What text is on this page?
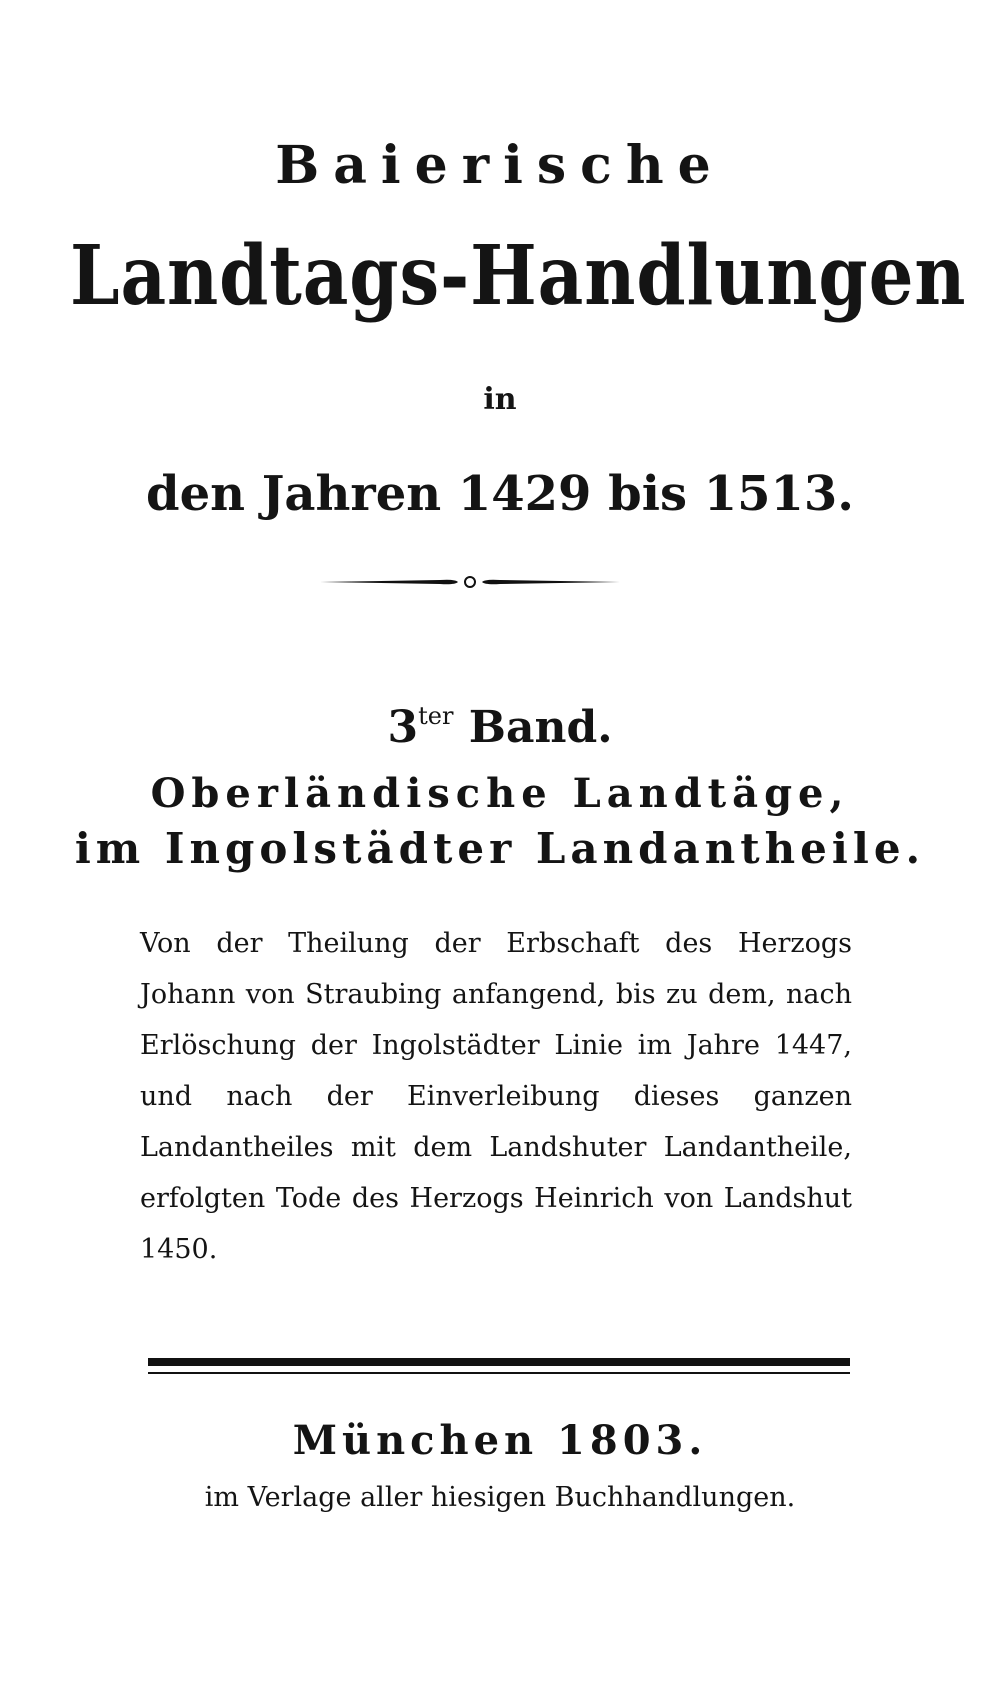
Baierische
Landtags-Handlungen
in
den Jahren 1429 bis 1513.
$3^{ter}$ Band.
Oberländische Landtäge,
im Ingolstädter Landantheile.
Von der Theilung der Erbschaft des Herzogs Johann von Straubing anfangend, bis zu dem, nach Erlöschung der Ingolstädter Linie im Jahre 1447, und nach der Einverleibung dieses ganzen Landantheiles mit dem Landshuter Landantheile, erfolgten Tode des Herzogs Heinrich von Landshut 1450.
München 1803.
im Verlage aller hiesigen Buchhandlungen.
